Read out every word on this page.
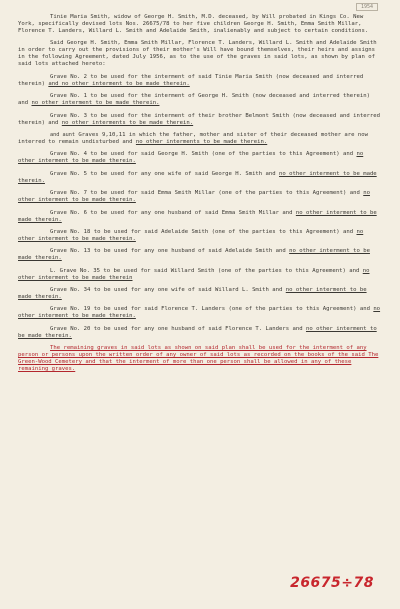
1954

Tinie Maria Smith, widow of George H. Smith, M.D. deceased, by Will probated in Kings Co. New York, specifically devised lots Nos. 26675/78 to her five children George H. Smith, Emma Smith Millar, Florence T. Landers, Willard L. Smith and Adelaide Smith, inalienably and subject to certain conditions.

Said George H. Smith, Emma Smith Millar, Florence T. Landers, Willard L. Smith and Adelaide Smith in order to carry out the provisions of their mother's Will have bound themselves, their heirs and assigns in the following Agreement, dated July 1956, as to the use of the graves in said lots, as shown by plan of said lots attached hereto:

Grave No. 2 to be used for the interment of said Tinie Maria Smith (now deceased and interred therein) and no other interment to be made therein.

Grave No. 1 to be used for the interment of George H. Smith (now deceased and interred therein) and no other interment to be made therein.

Grave No. 3 to be used for the interment of their brother Belmont Smith (now deceased and interred therein) and no other interments to be made therein.

and aunt Graves 9,10,11 in which the father, mother and sister of their deceased mother are now interred to remain undisturbed and no other interments to be made therein.

Grave No. 4 to be used for said George H. Smith (one of the parties to this Agreement) and no other interment to be made therein.

Grave No. 5 to be used for any one wife of said George H. Smith and no other interment to be made therein.

Grave No. 7 to be used for said Emma Smith Millar (one of the parties to this Agreement) and no other interment to be made therein.

Grave No. 6 to be used for any one husband of said Emma Smith Millar and no other interment to be made therein.

Grave No. 18 to be used for said Adelaide Smith (one of the parties to this Agreement) and no other interment to be made therein.

Grave No. 13 to be used for any one husband of said Adelaide Smith and no other interment to be made therein.

L. Grave No. 35 to be used for said Willard Smith (one of the parties to this Agreement) and no other interment to be made therein

Grave No. 34 to be used for any one wife of said Willard L. Smith and no other interment to be made therein.

Grave No. 19 to be used for said Florence T. Landers (one of the parties to this Agreement) and no other interment to be made therein.

Grave No. 20 to be used for any one husband of said Florence T. Landers and no other interment to be made therein.

The remaining graves in said lots as shown on said plan shall be used for the interment of any person or persons upon the written order of any owner of said lots as recorded on the books of the said The Green-Wood Cemetery and that the interment of more than one person shall be allowed in any of these remaining graves.

26675÷78
